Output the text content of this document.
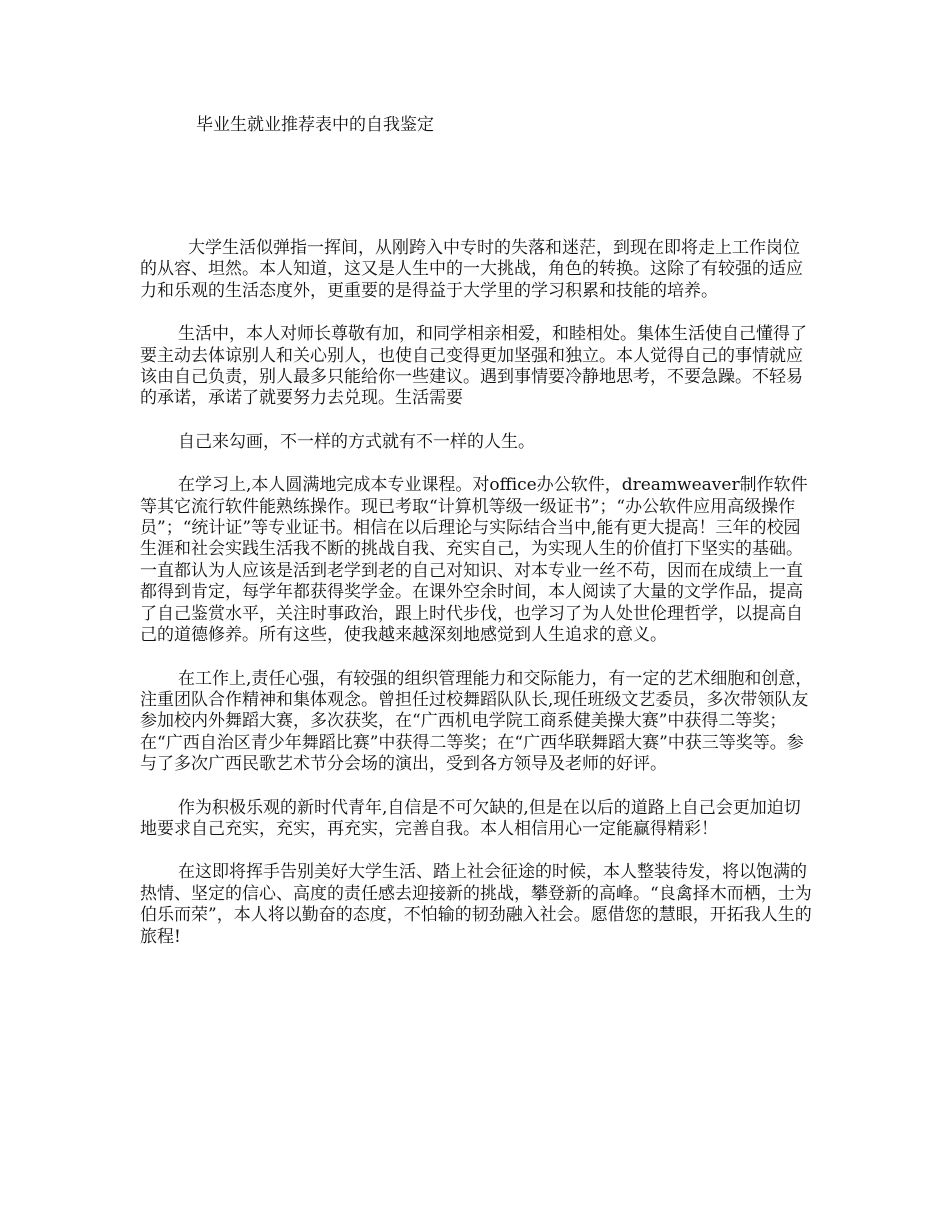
毕业生就业推荐表中的自我鉴定

大学生活似弹指一挥间，从刚跨入中专时的失落和迷茫，到现在即将走上工作岗位的从容、坦然。本人知道，这又是人生中的一大挑战，角色的转换。这除了有较强的适应力和乐观的生活态度外，更重要的是得益于大学里的学习积累和技能的培养。

生活中，本人对师长尊敬有加，和同学相亲相爱，和睦相处。集体生活使自己懂得了要主动去体谅别人和关心别人，也使自己变得更加坚强和独立。本人觉得自己的事情就应该由自己负责，别人最多只能给你一些建议。遇到事情要冷静地思考，不要急躁。不轻易的承诺，承诺了就要努力去兑现。生活需要

自己来勾画，不一样的方式就有不一样的人生。

在学习上,本人圆满地完成本专业课程。对office办公软件，dreamweaver制作软件等其它流行软件能熟练操作。现已考取“计算机等级一级证书”；“办公软件应用高级操作员”；“统计证”等专业证书。相信在以后理论与实际结合当中,能有更大提高！三年的校园生涯和社会实践生活我不断的挑战自我、充实自己，为实现人生的价值打下坚实的基础。一直都认为人应该是活到老学到老的自己对知识、对本专业一丝不苟，因而在成绩上一直都得到肯定，每学年都获得奖学金。在课外空余时间，本人阅读了大量的文学作品，提高了自己鉴赏水平，关注时事政治，跟上时代步伐，也学习了为人处世伦理哲学，以提高自己的道德修养。所有这些，使我越来越深刻地感觉到人生追求的意义。

在工作上,责任心强，有较强的组织管理能力和交际能力，有一定的艺术细胞和创意，注重团队合作精神和集体观念。曾担任过校舞蹈队队长,现任班级文艺委员，多次带领队友参加校内外舞蹈大赛，多次获奖，在“广西机电学院工商系健美操大赛”中获得二等奖；在“广西自治区青少年舞蹈比赛”中获得二等奖；在“广西华联舞蹈大赛”中获三等奖等。参与了多次广西民歌艺术节分会场的演出，受到各方领导及老师的好评。

作为积极乐观的新时代青年,自信是不可欠缺的,但是在以后的道路上自己会更加迫切地要求自己充实，充实，再充实，完善自我。本人相信用心一定能赢得精彩！

在这即将挥手告别美好大学生活、踏上社会征途的时候，本人整装待发，将以饱满的热情、坚定的信心、高度的责任感去迎接新的挑战，攀登新的高峰。“良禽择木而栖，士为伯乐而荣”，本人将以勤奋的态度，不怕输的韧劲融入社会。愿借您的慧眼，开拓我人生的旅程!
